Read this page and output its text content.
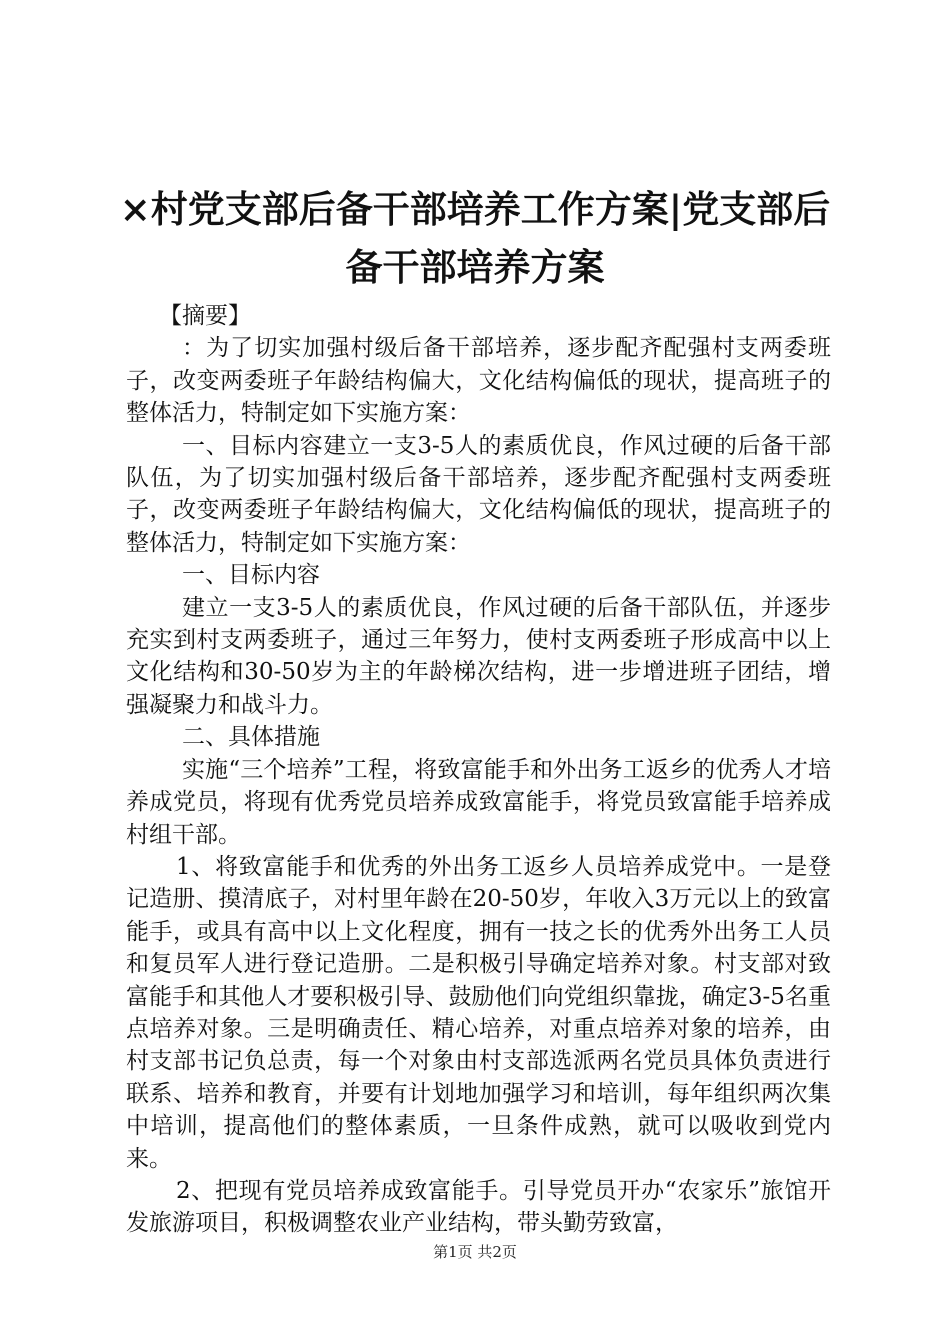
×村党支部后备干部培养工作方案|党支部后
备干部培养方案

【摘要】

：为了切实加强村级后备干部培养，逐步配齐配强村支两委班子，改变两委班子年龄结构偏大，文化结构偏低的现状，提高班子的整体活力，特制定如下实施方案：

一、目标内容建立一支3-5人的素质优良，作风过硬的后备干部队伍，为了切实加强村级后备干部培养，逐步配齐配强村支两委班子，改变两委班子年龄结构偏大，文化结构偏低的现状，提高班子的整体活力，特制定如下实施方案：

一、目标内容

建立一支3-5人的素质优良，作风过硬的后备干部队伍，并逐步充实到村支两委班子，通过三年努力，使村支两委班子形成高中以上文化结构和30-50岁为主的年龄梯次结构，进一步增进班子团结，增强凝聚力和战斗力。

二、具体措施

实施“三个培养”工程，将致富能手和外出务工返乡的优秀人才培养成党员，将现有优秀党员培养成致富能手，将党员致富能手培养成村组干部。

1、将致富能手和优秀的外出务工返乡人员培养成党中。一是登记造册、摸清底子，对村里年龄在20-50岁，年收入3万元以上的致富能手，或具有高中以上文化程度，拥有一技之长的优秀外出务工人员和复员军人进行登记造册。二是积极引导确定培养对象。村支部对致富能手和其他人才要积极引导、鼓励他们向党组织靠拢，确定3-5名重点培养对象。三是明确责任、精心培养，对重点培养对象的培养，由村支部书记负总责，每一个对象由村支部选派两名党员具体负责进行联系、培养和教育，并要有计划地加强学习和培训，每年组织两次集中培训，提高他们的整体素质，一旦条件成熟，就可以吸收到党内来。

2、把现有党员培养成致富能手。引导党员开办“农家乐”旅馆开发旅游项目，积极调整农业产业结构，带头勤劳致富，

第1页 共2页
